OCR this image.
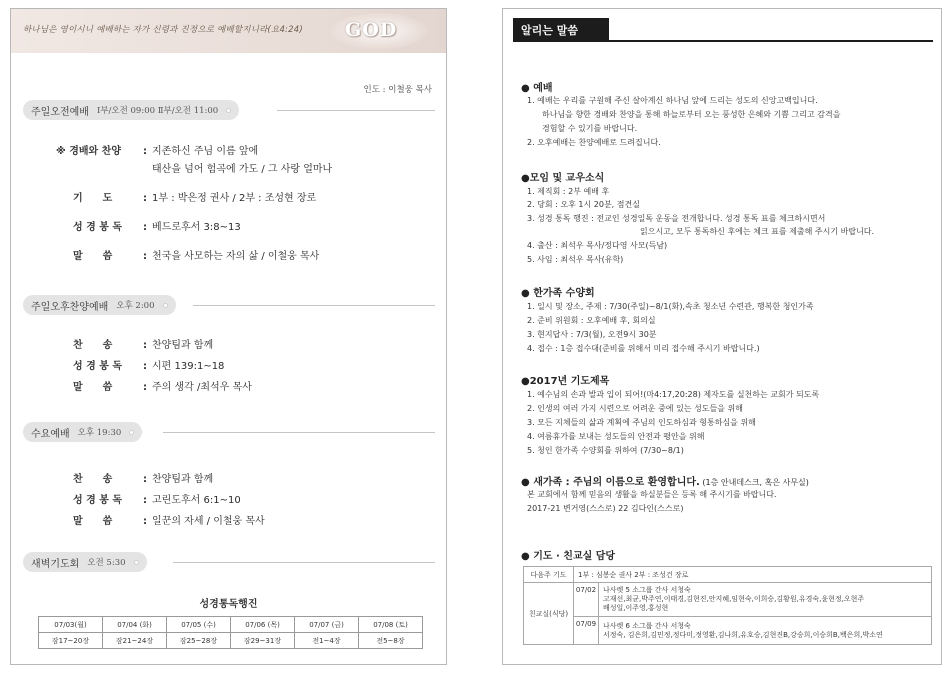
하나님은 영이시니 예배하는 자가 신령과 진정으로 예배할지니라(요4:24) GOD
인도 : 이철웅 목사
주일오전예배 Ⅰ부/오전 09:00 Ⅱ부/오전 11:00
※ 경배와 찬양	: 지존하신 주님 이름 앞에
태산을 넘어 험곡에 가도 / 그 사랑 얼마나
기　　도	: 1부 : 박은정 권사 / 2부 : 조성현 장로
성 경 봉 독	: 베드로후서 3:8~13
말　　씀	: 천국을 사모하는 자의 삶 / 이철웅 목사
주일오후찬양예배 오후 2:00
찬　　송	: 찬양팀과 함께
성 경 봉 독	: 시편 139:1~18
말　　씀	: 주의 생각 /최석우 목사
수요예배 오후 19:30
찬　　송	: 찬양팀과 함께
성 경 봉 독	: 고린도후서 6:1~10
말　　씀	: 일꾼의 자세 / 이철웅 목사
새벽기도회 오전 5:30
성경통독행진
07/03(월)	07/04 (화)	07/05 (수)	07/06 (목)	07/07 (금)	07/08 (토)
잠17~20장	잠21~24장	잠25~28장	잠29~31장	전1~4장	전5~8장
알리는 말씀
● 예배
1. 예배는 우리를 구원해 주신 살아계신 하나님 앞에 드리는 성도의 신앙고백입니다.
하나님을 향한 경배와 찬양을 통해 하늘로부터 오는 풍성한 은혜와 기쁨 그리고 감격을
경험할 수 있기를 바랍니다.
2. 오후예배는 찬양예배로 드려집니다.
●모임 및 교우소식
1. 제직회 : 2부 예배 후
2. 당회 : 오후 1시 20분, 점견실
3. 성경 통독 행진 : 전교인 성경일독 운동을 전개합니다. 성경 통독 표를 체크하시면서
읽으시고, 모두 통독하신 후에는 체크 표를 제출해 주시기 바랍니다.
4. 출산 : 최석우 목사/정다영 사모(득남)
5. 사임 : 최석우 목사(유학)
● 한가족 수양회
1. 일시 및 장소, 주제 : 7/30(주일)~8/1(화),속초 청소년 수련관, 행복한 청인가족
2. 준비 위원회 : 오후예배 후, 회의실
3. 현지답사 : 7/3(월), 오전9시 30분
4. 접수 : 1층 접수대(준비를 위해서 미리 접수해 주시기 바랍니다.)
●2017년 기도제목
1. 예수님의 손과 발과 입이 되어!(마4:17,20:28) 제자도를 실천하는 교회가 되도록
2. 인생의 여러 가지 시련으로 어려운 중에 있는 성도들을 위해
3. 모든 지체들의 삶과 계획에 주님의 인도하심과 형통하심을 위해
4. 여름휴가를 보내는 성도들의 안전과 평안을 위해
5. 청인 한가족 수양회를 위하여 (7/30~8/1)
● 새가족 : 주님의 이름으로 환영합니다. (1층 안내데스크, 혹은 사무실)
본 교회에서 함께 믿음의 생활을 하실분들은 등록 해 주시기를 바랍니다.
2017-21 변거영(스스로) 22 김다인(스스로)
● 기도 · 친교실 담당
다음주 기도	1부 : 심봉순 권사 2부 : 조성건 장로	
친교실(식당)	07/02	나사렛 5 소그룹 간사 서청숙
고재선,최균,박주연,이태경,김현진,안지혜,임현숙,이희승,김황원,유경숙,윤현정,오현주
배성일,이주영,홍성현

	07/09	나사렛 6 소그룹 간사 서청숙
서정숙, 김은희,김민정,정다미,정영환,김나희,유호승,김현진B,강승희,이승희B,백은희,박소연
